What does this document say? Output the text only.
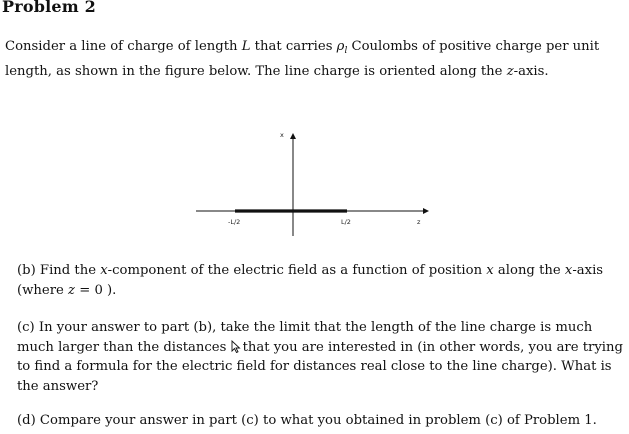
Problem 2

Consider a line of charge of length L that carries $\rho_l$ Coulombs of positive charge per unit length, as shown in the figure below. The line charge is oriented along the z-axis.

x
z
-L/2	L/2

(b) Find the x-component of the electric field as a function of position x along the x-axis (where z = 0 ).

(c) In your answer to part (b), take the limit that the length of the line charge is much much larger than the distances that you are interested in (in other words, you are trying to find a formula for the electric field for distances real close to the line charge). What is the answer?

(d) Compare your answer in part (c) to what you obtained in problem (c) of Problem 1.
